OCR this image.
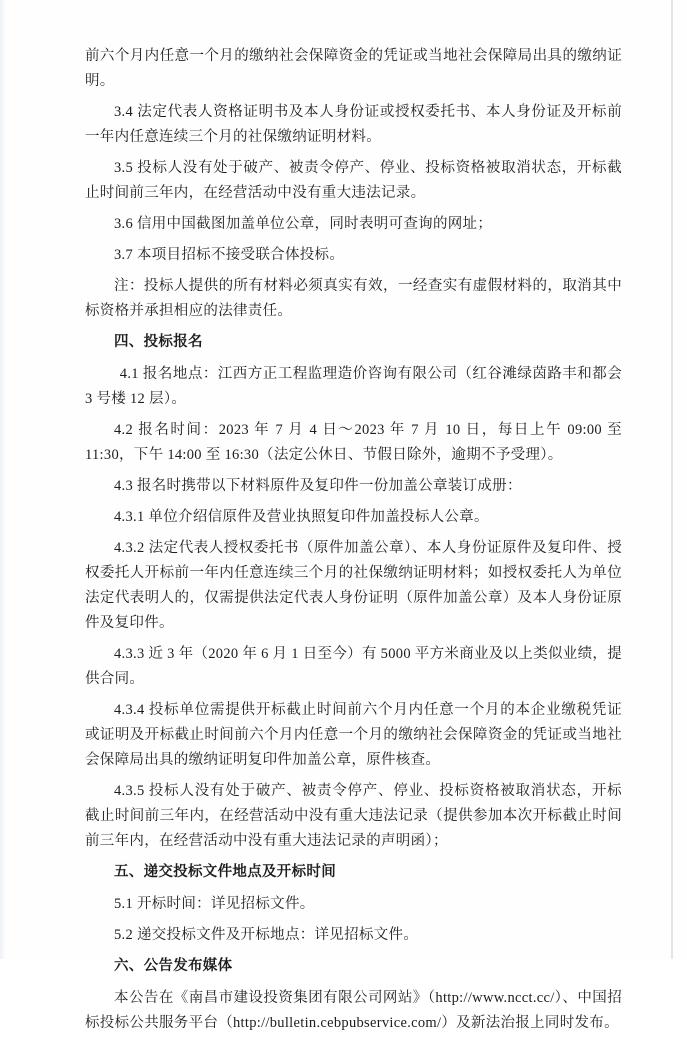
前六个月内任意一个月的缴纳社会保障资金的凭证或当地社会保障局出具的缴纳证明。

3.4 法定代表人资格证明书及本人身份证或授权委托书、本人身份证及开标前一年内任意连续三个月的社保缴纳证明材料。

3.5 投标人没有处于破产、被责令停产、停业、投标资格被取消状态，开标截止时间前三年内，在经营活动中没有重大违法记录。

3.6 信用中国截图加盖单位公章，同时表明可查询的网址；

3.7 本项目招标不接受联合体投标。

注：投标人提供的所有材料必须真实有效，一经查实有虚假材料的，取消其中标资格并承担相应的法律责任。

四、投标报名

4.1 报名地点：江西方正工程监理造价咨询有限公司（红谷滩绿茵路丰和都会 3 号楼 12 层）。

4.2 报名时间：2023 年 7 月 4 日～2023 年 7 月 10 日，每日上午 09:00 至 11:30，下午 14:00 至 16:30（法定公休日、节假日除外，逾期不予受理）。

4.3 报名时携带以下材料原件及复印件一份加盖公章装订成册：

4.3.1 单位介绍信原件及营业执照复印件加盖投标人公章。

4.3.2 法定代表人授权委托书（原件加盖公章）、本人身份证原件及复印件、授权委托人开标前一年内任意连续三个月的社保缴纳证明材料；如授权委托人为单位法定代表明人的，仅需提供法定代表人身份证明（原件加盖公章）及本人身份证原件及复印件。

4.3.3 近 3 年（2020 年 6 月 1 日至今）有 5000 平方米商业及以上类似业绩，提供合同。

4.3.4 投标单位需提供开标截止时间前六个月内任意一个月的本企业缴税凭证或证明及开标截止时间前六个月内任意一个月的缴纳社会保障资金的凭证或当地社会保障局出具的缴纳证明复印件加盖公章，原件核查。

4.3.5 投标人没有处于破产、被责令停产、停业、投标资格被取消状态，开标截止时间前三年内，在经营活动中没有重大违法记录（提供参加本次开标截止时间前三年内，在经营活动中没有重大违法记录的声明函）；

五、递交投标文件地点及开标时间

5.1 开标时间：详见招标文件。

5.2 递交投标文件及开标地点：详见招标文件。

六、公告发布媒体

本公告在《南昌市建设投资集团有限公司网站》（http://www.ncct.cc/）、中国招标投标公共服务平台（http://bulletin.cebpubservice.com/）及新法治报上同时发布。
